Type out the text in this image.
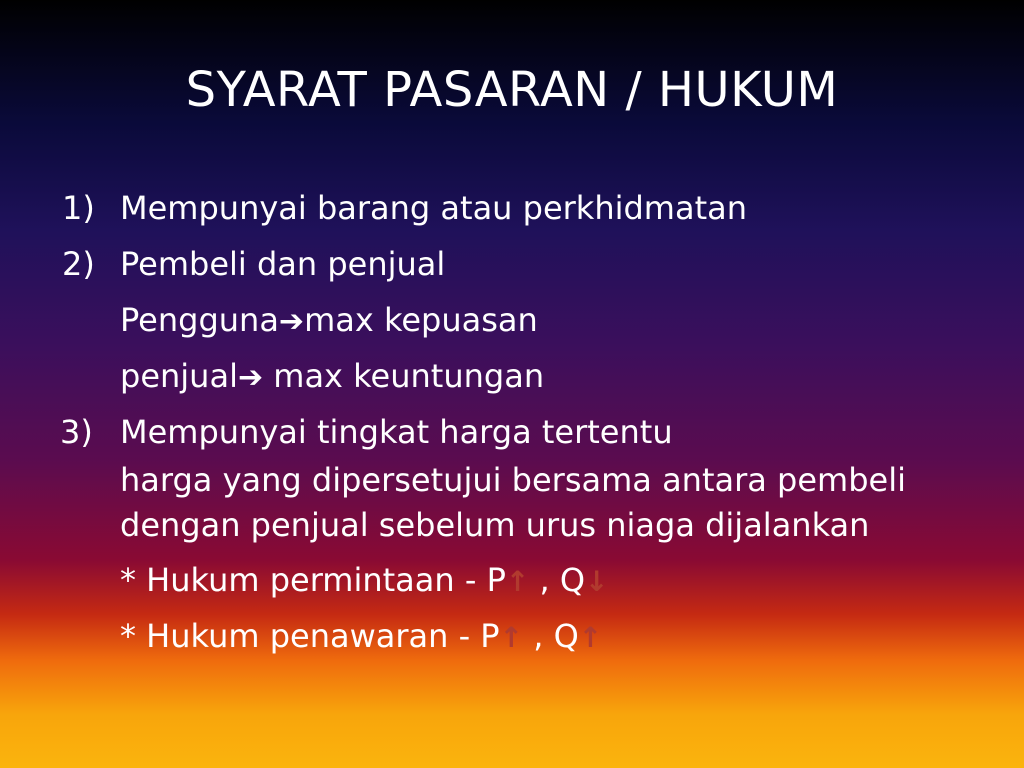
SYARAT PASARAN / HUKUM
1) Mempunyai barang atau perkhidmatan
2) Pembeli dan penjual
Pengguna➔max kepuasan
penjual➔ max keuntungan
3) Mempunyai tingkat harga tertentu
harga yang dipersetujui bersama antara pembeli
dengan penjual sebelum urus niaga dijalankan
* Hukum permintaan - P↑ , Q↓
* Hukum penawaran - P↑ , Q↑
